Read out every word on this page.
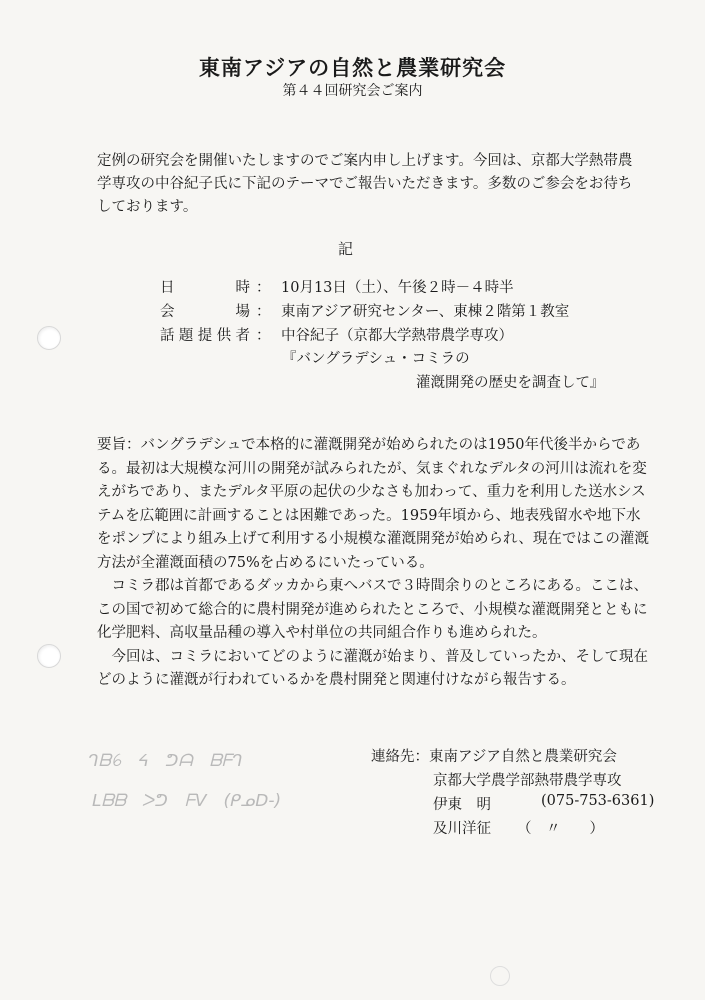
東南アジアの自然と農業研究会
第４４回研究会ご案内

定例の研究会を開催いたしますのでご案内申し上げます。今回は、京都大学熱帯農学専攻の中谷紀子氏に下記のテーマでご報告いただきます。多数のご参会をお待ちしております。

記
日時 ： 10月13日（土）、午後２時－４時半
会場 ： 東南アジア研究センター、東棟２階第１教室
話題提供者 ： 中谷紀子（京都大学熱帯農学専攻）
『バングラデシュ・コミラの
灌漑開発の歴史を調査して』

要旨：バングラデシュで本格的に灌漑開発が始められたのは1950年代後半からである。最初は大規模な河川の開発が試みられたが、気まぐれなデルタの河川は流れを変えがちであり、またデルタ平原の起伏の少なさも加わって、重力を利用した送水システムを広範囲に計画することは困難であった。1959年頃から、地表残留水や地下水をポンプにより組み上げて利用する小規模な灌漑開発が始められ、現在ではこの灌漑方法が全灌漑面積の75%を占めるにいたっている。

コミラ郡は首都であるダッカから東へバスで３時間余りのところにある。ここは、この国で初めて総合的に農村開発が進められたところで、小規模な灌漑開発とともに化学肥料、高収量品種の導入や村単位の共同組合作りも進められた。

今回は、コミラにおいてどのように灌漑が始まり、普及していったか、そして現在どのように灌漑が行われているかを農村開発と関連付けながら報告する。

ᒉᗷꕃ　ᔦ　ᕤᗩ　ᗷᖴᒉ
ᒪᗷᗷ　ᐳᕤ　ᖴᐯ　(ᑭᓄᗞ-)
連絡先：東南アジア自然と農業研究会
京都大学農学部熱帯農学専攻
伊東　明	(075-753-6361)
及川洋征 （　〃　　）
